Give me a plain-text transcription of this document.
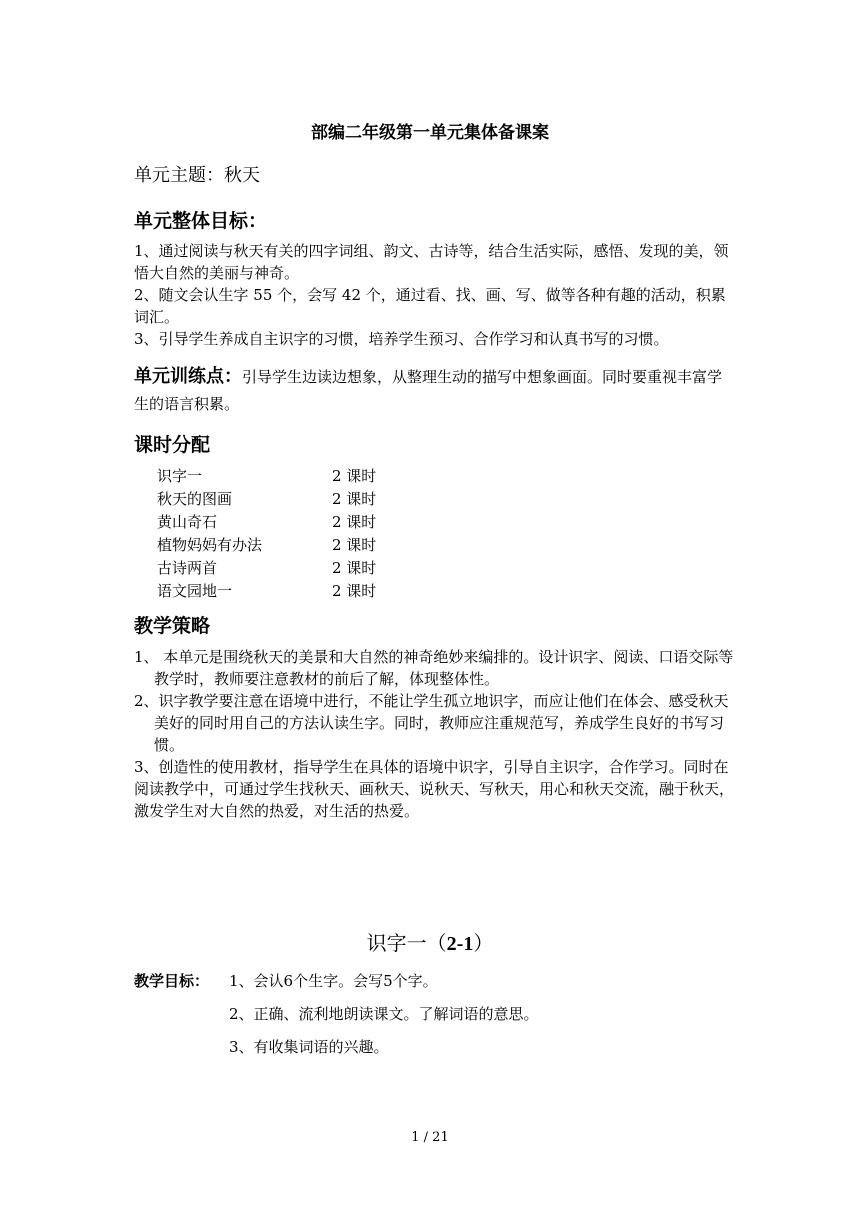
部编二年级第一单元集体备课案
单元主题：秋天
单元整体目标：

1、通过阅读与秋天有关的四字词组、韵文、古诗等，结合生活实际，感悟、发现的美，领悟大自然的美丽与神奇。

2、随文会认生字 55 个，会写 42 个，通过看、找、画、写、做等各种有趣的活动，积累词汇。

3、引导学生养成自主识字的习惯，培养学生预习、合作学习和认真书写的习惯。

单元训练点：引导学生边读边想象，从整理生动的描写中想象画面。同时要重视丰富学生的语言积累。
课时分配
识字一	2 课时
秋天的图画	2 课时
黄山奇石	2 课时
植物妈妈有办法	2 课时
古诗两首	2 课时
语文园地一	2 课时
教学策略

1、 本单元是围绕秋天的美景和大自然的神奇绝妙来编排的。设计识字、阅读、口语交际等教学时，教师要注意教材的前后了解，体现整体性。

2、识字教学要注意在语境中进行，不能让学生孤立地识字，而应让他们在体会、感受秋天美好的同时用自己的方法认读生字。同时，教师应注重规范写，养成学生良好的书写习惯。

3、创造性的使用教材，指导学生在具体的语境中识字，引导自主识字，合作学习。同时在阅读教学中，可通过学生找秋天、画秋天、说秋天、写秋天，用心和秋天交流，融于秋天，激发学生对大自然的热爱，对生活的热爱。

识字一（2-1）
教学目标： 1、会认6个生字。会写5个字。
2、正确、流利地朗读课文。了解词语的意思。
3、有收集词语的兴趣。
1 / 21
